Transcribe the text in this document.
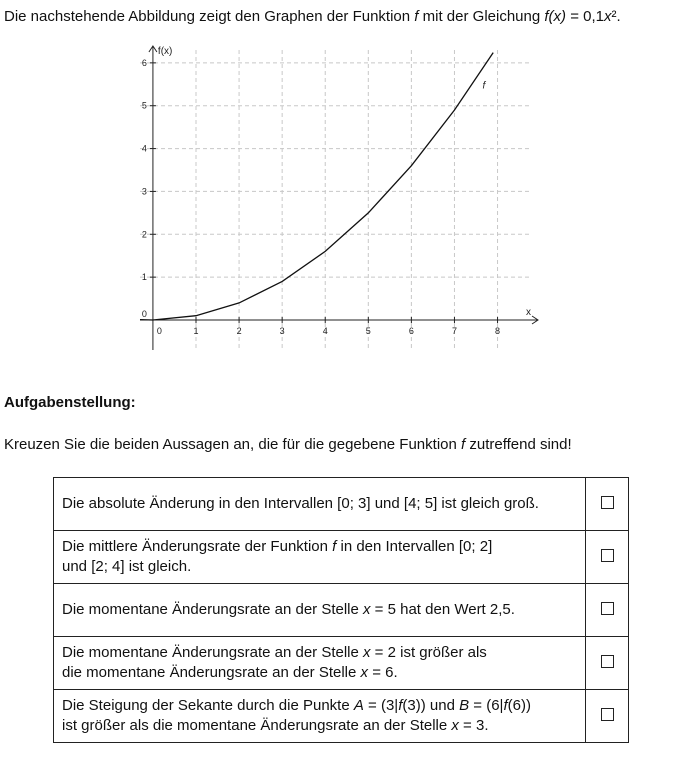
Die nachstehende Abbildung zeigt den Graphen der Funktion f mit der Gleichung f(x) = 0,1x².
0	1	2	3	4	5	6	7	8
0
1
2
3
4
5
6
f(x)
x
f
Aufgabenstellung:
Kreuzen Sie die beiden Aussagen an, die für die gegebene Funktion f zutreffend sind!
Die absolute Änderung in den Intervallen [0; 3] und [4; 5] ist gleich groß.	
Die mittlere Änderungsrate der Funktion f in den Intervallen [0; 2]
und [2; 4] ist gleich.	
Die momentane Änderungsrate an der Stelle x = 5 hat den Wert 2,5.	
Die momentane Änderungsrate an der Stelle x = 2 ist größer als
die momentane Änderungsrate an der Stelle x = 6.	
Die Steigung der Sekante durch die Punkte A = (3|f(3)) und B = (6|f(6))
ist größer als die momentane Änderungsrate an der Stelle x = 3.	
